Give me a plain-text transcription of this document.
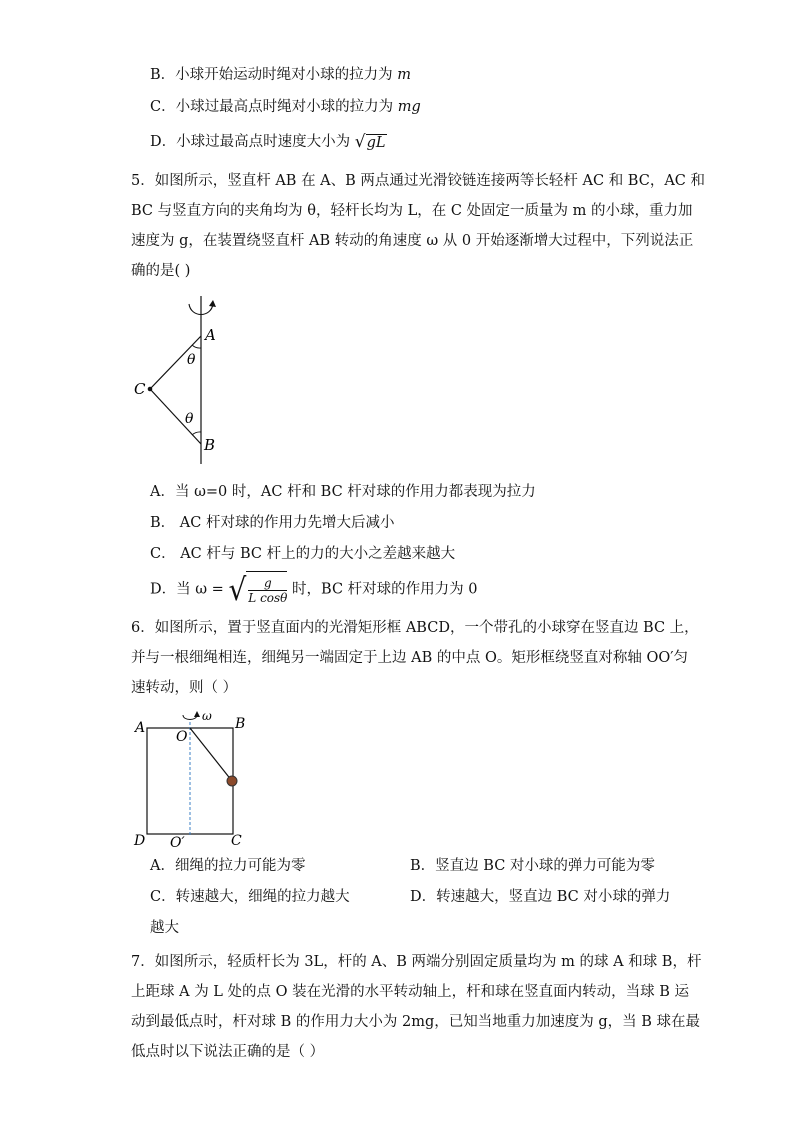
B．小球开始运动时绳对小球的拉力为 m
C．小球过最高点时绳对小球的拉力为 mg
D．小球过最高点时速度大小为 √gL
5．如图所示，竖直杆 AB 在 A、B 两点通过光滑铰链连接两等长轻杆 AC 和 BC，AC 和
BC 与竖直方向的夹角均为 θ，轻杆长均为 L，在 C 处固定一质量为 m 的小球，重力加
速度为 g，在装置绕竖直杆 AB 转动的角速度 ω 从 0 开始逐渐增大过程中，下列说法正
确的是( )
A
θ
C
θ
B
A．当 ω=0 时，AC 杆和 BC 杆对球的作用力都表现为拉力
B． AC 杆对球的作用力先增大后减小
C． AC 杆与 BC 杆上的力的大小之差越来越大
D．当 ω = √ $\frac{g}{\text{L cosθ}}$ 时，BC 杆对球的作用力为 0
6．如图所示，置于竖直面内的光滑矩形框 ABCD，一个带孔的小球穿在竖直边 BC 上，
并与一根细绳相连，细绳另一端固定于上边 AB 的中点 O。矩形框绕竖直对称轴 OO′匀
速转动，则（ ）
ω
A	B
O
D O′	C
A．细绳的拉力可能为零	B．竖直边 BC 对小球的弹力可能为零
C．转速越大，细绳的拉力越大	D．转速越大，竖直边 BC 对小球的弹力
越大
7．如图所示，轻质杆长为 3L，杆的 A、B 两端分别固定质量均为 m 的球 A 和球 B，杆
上距球 A 为 L 处的点 O 装在光滑的水平转动轴上，杆和球在竖直面内转动，当球 B 运
动到最低点时，杆对球 B 的作用力大小为 2mg，已知当地重力加速度为 g，当 B 球在最
低点时以下说法正确的是（ ）
